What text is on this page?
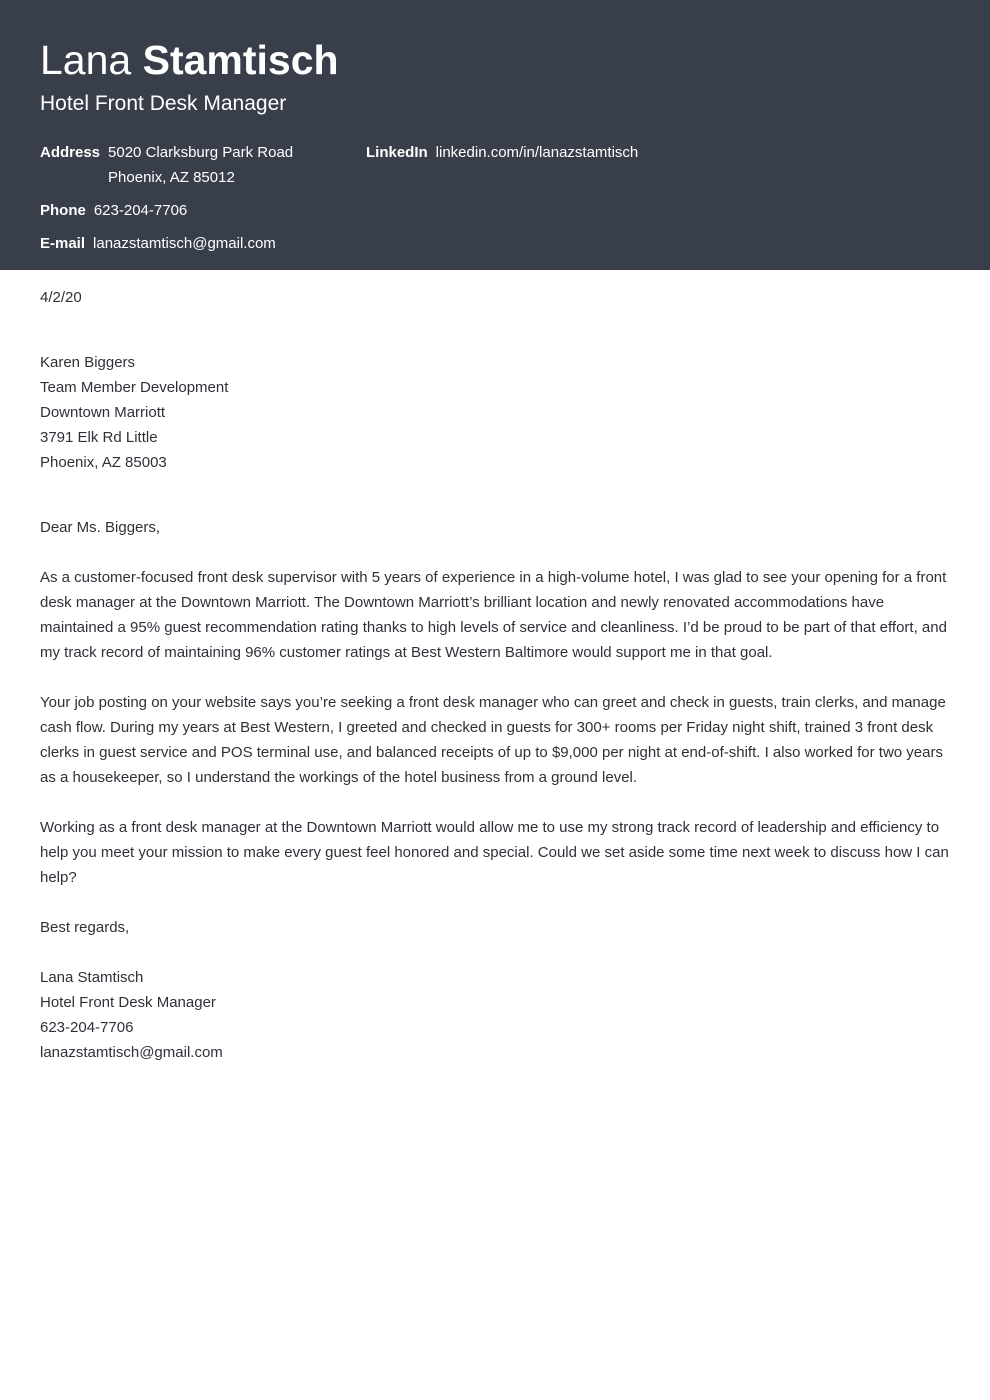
Lana Stamtisch
Hotel Front Desk Manager
Address 5020 Clarksburg Park Road
Phoenix, AZ 85012
LinkedIn linkedin.com/in/lanazstamtisch
Phone 623-204-7706
E-mail lanazstamtisch@gmail.com

4/2/20

Karen Biggers
Team Member Development
Downtown Marriott
3791 Elk Rd Little
Phoenix, AZ 85003

Dear Ms. Biggers,

As a customer-focused front desk supervisor with 5 years of experience in a high-volume hotel, I was glad to see your opening for a front desk manager at the Downtown Marriott. The Downtown Marriott’s brilliant location and newly renovated accommodations have maintained a 95% guest recommendation rating thanks to high levels of service and cleanliness. I’d be proud to be part of that effort, and my track record of maintaining 96% customer ratings at Best Western Baltimore would support me in that goal.

Your job posting on your website says you’re seeking a front desk manager who can greet and check in guests, train clerks, and manage cash flow. During my years at Best Western, I greeted and checked in guests for 300+ rooms per Friday night shift, trained 3 front desk clerks in guest service and POS terminal use, and balanced receipts of up to $9,000 per night at end-of-shift. I also worked for two years as a housekeeper, so I understand the workings of the hotel business from a ground level.

Working as a front desk manager at the Downtown Marriott would allow me to use my strong track record of leadership and efficiency to help you meet your mission to make every guest feel honored and special. Could we set aside some time next week to discuss how I can help?

Best regards,

Lana Stamtisch
Hotel Front Desk Manager
623-204-7706
lanazstamtisch@gmail.com
